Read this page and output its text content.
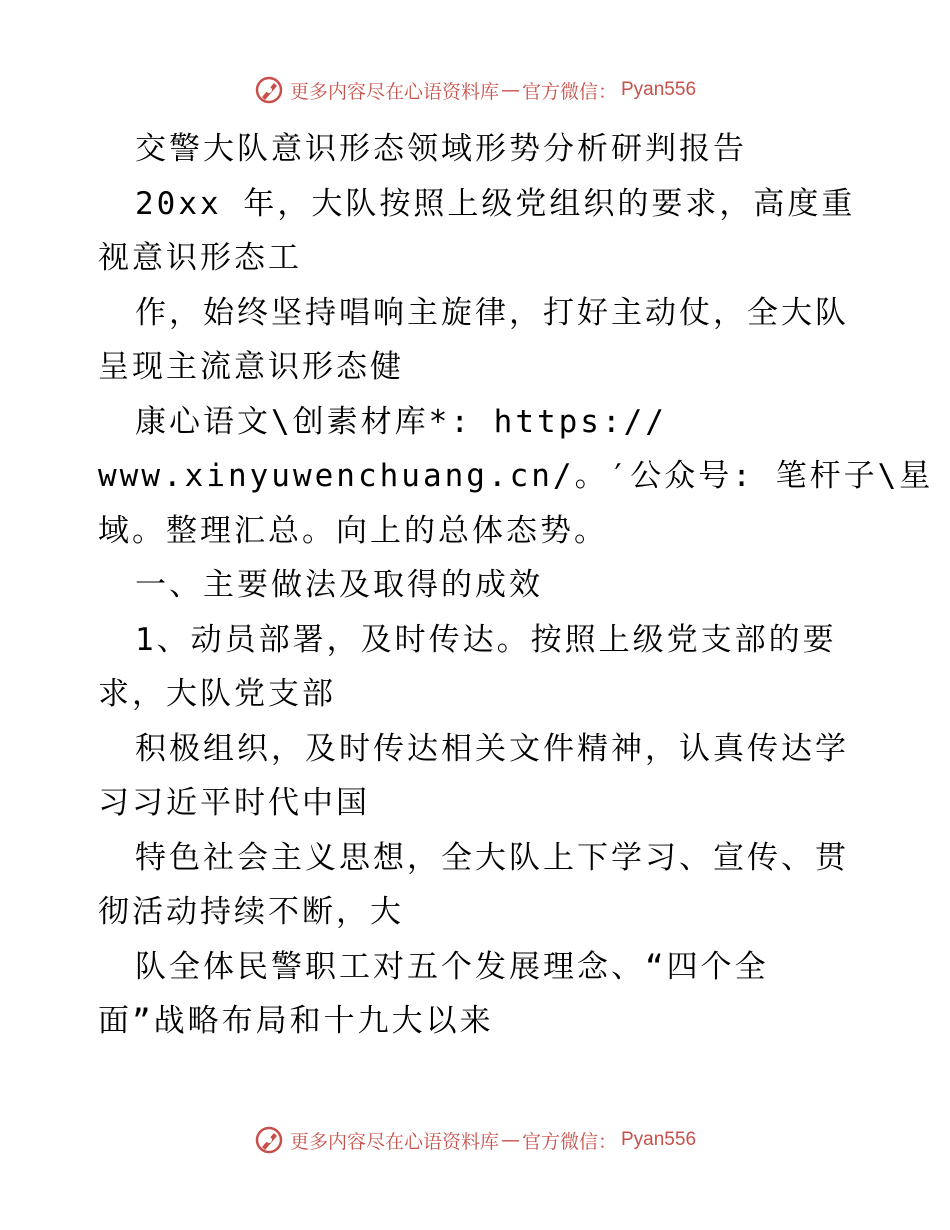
更多内容尽在心语资料库 — 官方微信： Pyan556

交警大队意识形态领域形势分析研判报告

20xx 年，大队按照上级党组织的要求，高度重

视意识形态工

作，始终坚持唱响主旋律，打好主动仗，全大队

呈现主流意识形态健

康心语文\创素材库*: https://

www.xinyuwenchuang.cn/。′公众号: 笔杆子\星

域。整理汇总。向上的总体态势。

一、主要做法及取得的成效

1、动员部署，及时传达。按照上级党支部的要

求，大队党支部

积极组织，及时传达相关文件精神，认真传达学

习习近平时代中国

特色社会主义思想，全大队上下学习、宣传、贯

彻活动持续不断，大

队全体民警职工对五个发展理念、“四个全

面”战略布局和十九大以来

更多内容尽在心语资料库 — 官方微信： Pyan556
